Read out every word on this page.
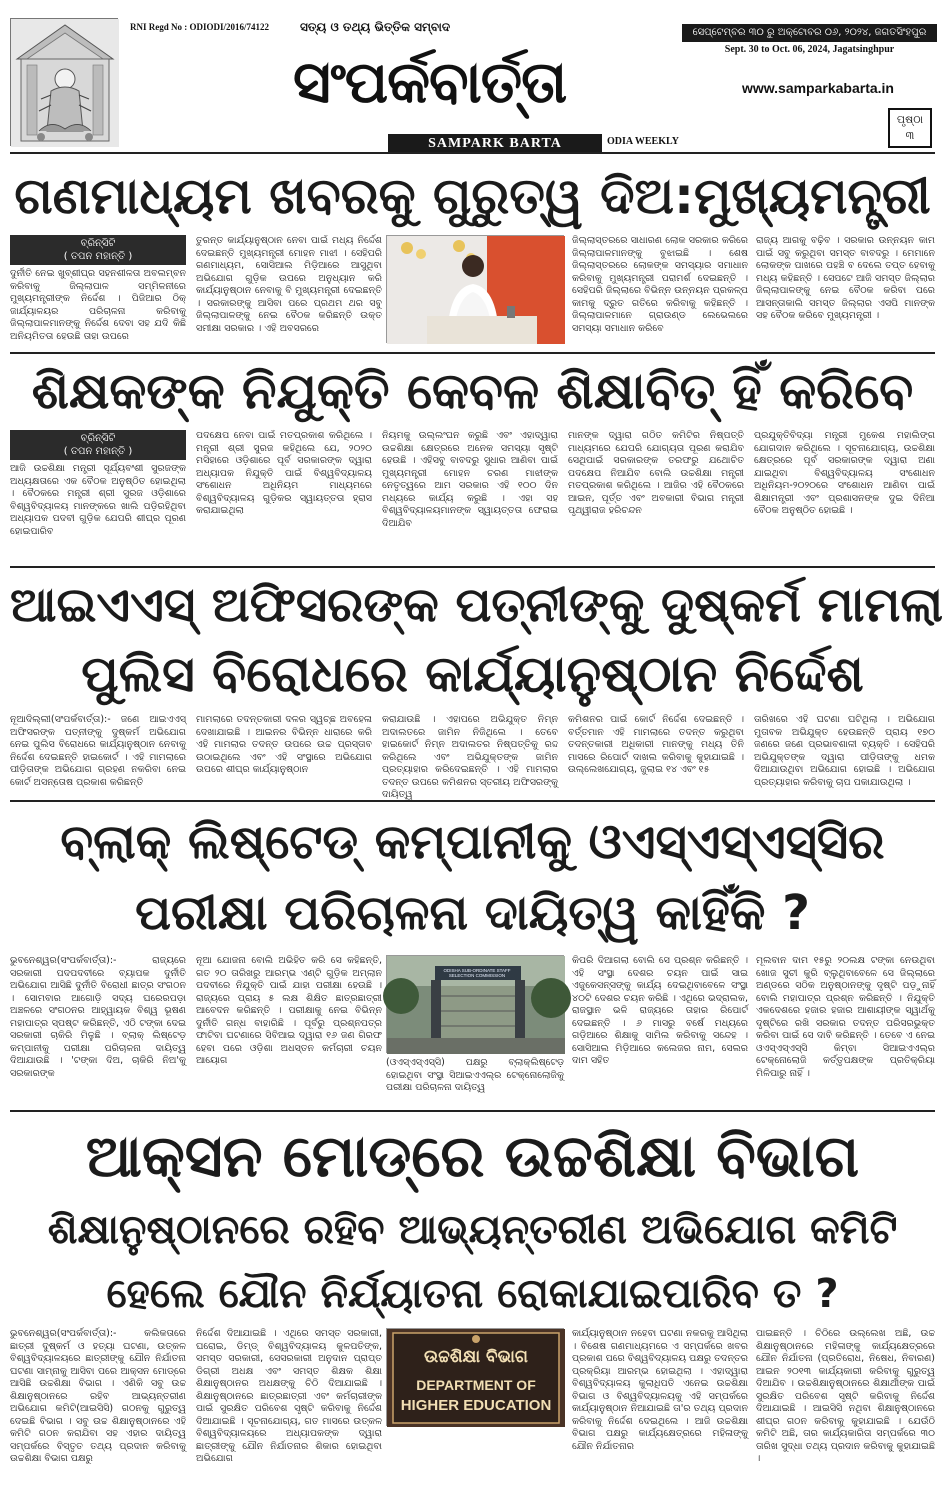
RNI Regd No : ODIODI/2016/74122	ସତ୍ୟ ଓ ତଥ୍ୟ ଭିତ୍ତିକ ସମ୍ବାଦ
ସଂପର୍କବାର୍ତ୍ତା
SAMPARK BARTA	ODIA WEEKLY
ସେପ୍ଟେମ୍ବର ୩୦ ରୁ ଅକ୍ଟୋବର ୦୬, ୨୦୨୪, ଜଗତସିଂହପୁର
Sept. 30 to Oct. 06, 2024, Jagatsinghpur
www.samparkabarta.in
ପୃଷ୍ଠା
୩
ଗଣମାଧ୍ୟମ ଖବରକୁ ଗୁରୁତ୍ୱ ଦିଅ:ମୁଖ୍ୟମନ୍ତ୍ରୀ
ବ୍ରିନ୍‌ସିଟି
( ତପନ ମହାନ୍ତି )
ଦୁର୍ନୀତି ନେଇ ଖୁବ୍‌ଶୀଘ୍ର ସହନଶୀଳତା ଅବଲମ୍ବନ କରିବାକୁ ଜିଲ୍ଲାପାଳ ସମ୍ମିଳନୀରେ ମୁଖ୍ୟମନ୍ତ୍ରୀଙ୍କ ନିର୍ଦ୍ଦେଶ । ପିଜିଆର ଠିକ୍ ଜାର୍ଯ୍ୟାଳୟର ପରିଚାଳନା କରିବାକୁ ଜିଲ୍ଲାପାଳମାନଙ୍କୁ ନିର୍ଦ୍ଦେଶ ଦେବା ସହ ଯଦି କିଛି ଅନିୟମିତତା ହେଉଛି ତାହା ଉପରେ
ତୁରନ୍ତ କାର୍ଯ୍ୟାନୁଷ୍ଠାନ ନେବା ପାଇଁ ମଧ୍ୟ ନିର୍ଦ୍ଦେଶ ଦେଇଛନ୍ତି ମୁଖ୍ୟମନ୍ତ୍ରୀ ମୋହନ ମାଝୀ । ସେହିପରି ଗଣମାଧ୍ୟମ, ସୋସିଆଲ ମିଡ଼ିଆରେ ଆସୁଥିବା ଅଭିଯୋଗ ଗୁଡ଼ିକ ଉପରେ ଅନୁଧ୍ୟାନ କରି କାର୍ଯ୍ୟାନୁଷ୍ଠାନ ନେବାକୁ ବି ମୁଖ୍ୟମନ୍ତ୍ରୀ ଦେଇଛନ୍ତି । ସରକାରଙ୍କୁ ଆସିବା ପରେ ପ୍ରଥମ ଥର ସବୁ ଜିଲ୍ଲାପାଳଙ୍କୁ ନେଇ ବୈଠକ କରିଛନ୍ତି ଉକ୍ତ ସମୀକ୍ଷା ସରକାର । ଏହି ଅବସରରେ
ଜିଲ୍ଲାସ୍ତରରେ ସାଧାରଣ ଲୋକ ସରକାର କରିରେ ଜିଲ୍ଲାପାଳମାନଙ୍କୁ ବୁଝାଇଛି । ଶେଷ ଜିଲ୍ଲାସ୍ତରରେ ଲୋକଙ୍କ ସମସ୍ୟାର ସମାଧାନ କରିବାକୁ ମୁଖ୍ୟମନ୍ତ୍ରୀ ପରାମର୍ଶ ଦେଇଛନ୍ତି । ସେହିପରି ଜିଲ୍ଲାରେ ବିଭିନ୍ନ ଉନ୍ନୟନ ପ୍ରକଳ୍ପ କାମକୁ ଦ୍ରୁତ ଗତିରେ କରିବାକୁ କହିଛନ୍ତି । ଜିଲ୍ଲାପାଳମାନେ ଗ୍ରାଉଣ୍ଡ ଲେଭେଲରେ ସମସ୍ୟା ସମାଧାନ କରିବେ
ରାଜ୍ୟ ଆଗକୁ ବଢ଼ିବ । ସରକାର ଉନ୍ନୟନ କାମ ପାଇଁ ସବୁ କରୁଥିବା ସମସ୍ତ ବାବଦରୁ । ମେମାନେ ଲୋକଙ୍କ ପାଖରେ ପହଞ୍ଚି ବ ଦେଲେ ତପ୍ତ ହେବାକୁ ମଧ୍ୟ କହିଛନ୍ତି । ସେପଟେ ଆଜି ସମସ୍ତ ଜିଲ୍ଲାର ଜିଲ୍ଲାପାଳଙ୍କୁ ନେଇ ବୈଠକ କରିବା ପରେ ଆସନ୍ତାକାଲି ସମସ୍ତ ଜିଲ୍ଲାର ଏସପି ମାନଙ୍କ ସହ ବୈଠକ କରିବେ ମୁଖ୍ୟମନ୍ତ୍ରୀ ।
ଶିକ୍ଷକଙ୍କ ନିଯୁକ୍ତି କେବଳ ଶିକ୍ଷାବିତ୍ ହିଁ କରିବେ
ବ୍ରିନ୍‌ସିଟି
( ତପନ ମହାନ୍ତି )
ଆଜି ଉଚ୍ଚଶିକ୍ଷା ମନ୍ତ୍ରୀ ସୂର୍ଯ୍ୟବଂଶୀ ସୁରଜଙ୍କ ଅଧ୍ୟକ୍ଷତାରେ ଏକ ବୈଠକ ଅନୁଷ୍ଠିତ ହୋଇଥିଲା । ବୈଠକରେ ମନ୍ତ୍ରୀ ଶ୍ରୀ ସୁରଜ ଓଡ଼ିଶାରେ ବିଶ୍ୱବିଦ୍ୟାଳୟ ମାନଙ୍କରେ ଖାଲି ପଡ଼ିରହିଥିବା ଅଧ୍ୟାପକ ପଦବୀ ଗୁଡ଼ିକ ଯେପରି ଶୀଘ୍ର ପୂରଣ ହୋଇପାରିବ
ପଦକ୍ଷେପ ନେବା ପାଇଁ ମତପ୍ରକାଶ କରିଥିଲେ । ମନ୍ତ୍ରୀ ଶ୍ରୀ ସୁରଜ କହିଥିଲେ ଯେ, ୨୦୨୦ ମସିହାରେ ଓଡ଼ିଶାରେ ପୂର୍ବ ସରକାରଙ୍କ ଦ୍ୱାରା ଅଧ୍ୟାପକ ନିଯୁକ୍ତି ପାଇଁ ବିଶ୍ୱବିଦ୍ୟାଳୟ ସଂଶୋଧନ ଅଧିନିୟମ ମାଧ୍ୟମରେ ବିଶ୍ୱବିଦ୍ୟାଳୟ ଗୁଡ଼ିକର ସ୍ୱାୟତ୍ତତା ହ୍ରାସ କରାଯାଇଥିଲା
ନିୟମକୁ ଉଲ୍ଲଂଘନ କରୁଛି ଏବଂ ଏହାଦ୍ୱାରା ଉଚ୍ଚଶିକ୍ଷା କ୍ଷେତ୍ରରେ ଅନେକ ସମସ୍ୟା ସୃଷ୍ଟି ହେଉଛି । ଏହିସବୁ ବାବଦରୁ ସୁଧାର ଆଣିବା ପାଇଁ ମୁଖ୍ୟମନ୍ତ୍ରୀ ମୋହନ ଚରଣ ମାଝୀଙ୍କ ନେତୃତ୍ୱରେ ଆମ ସରକାର ଏହି ୧୦୦ ଦିନ ମଧ୍ୟରେ କାର୍ଯ୍ୟ କରୁଛି । ଏହା ସହ ବିଶ୍ୱବିଦ୍ୟାଳୟମାନଙ୍କ ସ୍ୱାୟତ୍ତତା ଫେରାଇ ଦିଆଯିବ
ମାନଙ୍କ ଦ୍ୱାରା ଗଠିତ କମିଟିର ନିଷ୍ପତ୍ତି ମାଧ୍ୟମରେ ଯେପରି ଯୋଗ୍ୟତା ପୂରଣ କରାଯିବ ସେଥିପାଇଁ ସରକାରଙ୍କ ତରଫରୁ ଯଥୋଚିତ ପଦକ୍ଷେପ ନିଆଯିବ ବୋଲି ଉଚ୍ଚଶିକ୍ଷା ମନ୍ତ୍ରୀ ମତପ୍ରକାଶ କରିଥିଲେ । ଆଜିର ଏହି ବୈଠକରେ ଆଇନ, ପୂର୍ତ୍ତ ଏବଂ ଅବକାରୀ ବିଭାଗ ମନ୍ତ୍ରୀ ପୃଥ୍ୱୀରାଜ ହରିଚନ୍ଦନ
ପ୍ରଯୁକ୍ତିବିଦ୍ୟା ମନ୍ତ୍ରୀ ମୁକେଶ ମହାଲିଙ୍ଗ ଯୋଗଦାନ କରିଥିଲେ । ସୂଚନାଯୋଗ୍ୟ, ଉଚ୍ଚଶିକ୍ଷା କ୍ଷେତ୍ରରେ ପୂର୍ବ ସରକାରଙ୍କ ଦ୍ୱାରା ଅଣା ଯାଇଥିବା ବିଶ୍ୱବିଦ୍ୟାଳୟ ସଂଶୋଧନ ଅଧିନିୟମ-୨୦୨୦ରେ ସଂଶୋଧନ ଆଣିବା ପାଇଁ ଶିକ୍ଷାମନ୍ତ୍ରୀ ଏବଂ ପ୍ରଶାସନଙ୍କ ଦୁଇ ଦିନିଆ ବୈଠକ ଅନୁଷ୍ଠିତ ହୋଇଛି ।
ଆଇଏଏସ୍ ଅଫିସରଙ୍କ ପତ୍ନୀଙ୍କୁ ଦୁଷ୍କର୍ମ ମାମଲା
ପୁଲିସ ବିରୋଧରେ କାର୍ଯ୍ୟାନୁଷ୍ଠାନ ନିର୍ଦ୍ଦେଶ
ନୂଆଦିଲ୍ଲୀ(ସଂପର୍କବାର୍ତ୍ତା):- ଜଣେ ଆଇଏଏସ୍ ଅଫିସରଙ୍କ ପତ୍ନୀଙ୍କୁ ଦୁଷ୍କର୍ମ ଅଭିଯୋଗ ନେଇ ପୁଲିସ ବିରୋଧରେ କାର୍ଯ୍ୟାନୁଷ୍ଠାନ ନେବାକୁ ନିର୍ଦ୍ଦେଶ ଦେଇଛନ୍ତି ହାଇକୋର୍ଟ । ଏହି ମାମଲାରେ ପୀଡ଼ିତାଙ୍କ ଅଭିଯୋଗ ଗ୍ରହଣ ନକରିବା ନେଇ କୋର୍ଟ ଅସନ୍ତୋଷ ପ୍ରକାଶ କରିଛନ୍ତି
ମାମଲାରେ ତଦନ୍ତକାରୀ ଦଳର ସ୍ୱଚ୍ଛ ଅବହେଳା ଦେଖାଯାଇଛି । ଆଇନର ବିଭିନ୍ନ ଧାରାରେ କରି ଏହି ମାମଲାର ତଦନ୍ତ ଉପରେ ଉଚ୍ଚ ପ୍ରସ୍ତାବ ଉଠାଇଥିଲେ ଏବଂ ଏହି ସଂସ୍ଥାରେ ଅଭିଯୋଗ ଉପରେ ଶୀଘ୍ର କାର୍ଯ୍ୟାନୁଷ୍ଠାନ
କରାଯାଉଛି । ଏହାପରେ ଅଭିଯୁକ୍ତ ନିମ୍ନ ଅଦାଲତରେ ଜାମିନ ନିଜିଥିଲେ । ତେବେ ହାଇକୋର୍ଟ ନିମ୍ନ ଅଦାଲତର ନିଷ୍ପତ୍ତିକୁ ରଦ୍ଦ କରିଥିଲେ ଏବଂ ଅଭିଯୁକ୍ତଙ୍କ ଜାମିନ ପ୍ରତ୍ୟାହାର କରିଦେଇଛନ୍ତି । ଏହି ମାମଲାର ତଦନ୍ତ ଉପରେ କମିଶନର ସ୍ତରୀୟ ଅଫିସରଙ୍କୁ ଦାୟିତ୍ୱ
କମିଶନର ପାଇଁ କୋର୍ଟ ନିର୍ଦ୍ଦେଶ ଦେଇଛନ୍ତି । ବର୍ତ୍ତମାନ ଏହି ମାମଲାରେ ତଦନ୍ତ କରୁଥିବା ତଦନ୍ତକାରୀ ଅଧିକାରୀ ମାନଙ୍କୁ ମଧ୍ୟ ତିନି ମାସରେ ରିପୋର୍ଟ ଦାଖଲ କରିବାକୁ କୁହାଯାଇଛି । ଉଲ୍ଲେଖଯୋଗ୍ୟ, ଜୁଲାଇ ୧୪ ଏବଂ ୧୫
ତାରିଖରେ ଏହି ଘଟଣା ଘଟିଥିଲା । ଅଭିଯୋଗ ମୁତାବକ ଅଭିଯୁକ୍ତ ହେଉଛନ୍ତି ପ୍ରାୟ ୧୭୦ ଜଣରେ ଜଣେ ପ୍ରଭାବଶାଳୀ ବ୍ୟକ୍ତି । ସେହିପରି ଅଭିଯୁକ୍ତଙ୍କ ଦ୍ୱାରା ପୀଡ଼ିତାଙ୍କୁ ଧମକ ଦିଆଯାଉଥିବା ଅଭିଯୋଗ ହୋଇଛି । ଅଭିଯୋଗ ପ୍ରତ୍ୟାହାର କରିବାକୁ ଚାପ ପକାଯାଉଥିଲା ।
ବ୍ଲାକ୍ ଲିଷ୍ଟେଡ୍ କମ୍ପାନୀକୁ ଓଏସ୍‌ଏସ୍‌ଏସ୍‌ସିର
ପରୀକ୍ଷା ପରିଚାଳନା ଦାୟିତ୍ୱ କାହିଁକି ?
ଭୁବନେଶ୍ୱର(ସଂପର୍କବାର୍ତ୍ତା):- ରାଜ୍ୟରେ ସରକାରୀ ପଦପଦବୀରେ ବ୍ୟାପକ ଦୁର୍ନୀତି ଅଭିଯୋଗ ଆସିଛି ଦୁର୍ନୀତି ବିରୋଧୀ ଛାତ୍ର ସଂଗଠନ । ସୋମବାର ଆଗୋଡ଼ି ସଦ୍ୟ ଘରେରପଡ଼ା ଅଞ୍ଚଳରେ ସଂଗଠନର ଆହ୍ୱାୟକ ବିଶ୍ୱ ଭୂଷଣ ମହାପାତ୍ର ସ୍ପଷ୍ଟ କରିଛନ୍ତି, ଏଠି ଟଙ୍କା ଦେଇ ସରକାରୀ ଚାକିରି ମିଳୁଛି । ବ୍ଲାକ୍ ଲିଷ୍ଟେଡ଼ କମ୍ପାନୀକୁ ପରୀକ୍ଷା ପରିଚାଳନା ଦାୟିତ୍ୱ ଦିଆଯାଉଛି । 'ଟଙ୍କା ଦିଅ, ଚାକିରି ନିଅ'କୁ ସରକାରଙ୍କ
ନୂଆ ଯୋଜନା ବୋଲି ଅଭିହିତ କରି ସେ କହିଛନ୍ତି, ଗତ ୨୦ ତାରିଖରୁ ଆରମ୍ଭ ଏଣ୍ଟି ଗୁଡ଼ିକ ଅମ୍ଲାନ ପଦବୀରେ ନିଯୁକ୍ତି ପାଇଁ ଯାହା ପରୀକ୍ଷା ହେଉଛି । ରାଜ୍ୟରେ ପ୍ରାୟ ୫ ଲକ୍ଷ ଶିକ୍ଷିତ ଛାତ୍ରଛାତ୍ରୀ ଆବେଦନ କରିଛନ୍ତି । ପରୀକ୍ଷାକୁ ନେଇ ବିଭିନ୍ନ ଦୁର୍ନୀତି ଗନ୍ଧ ବାହାରିଛି । ପୂର୍ବରୁ ପ୍ରଶ୍ନପତ୍ର ଫାଟିବା ଘଟଣାରେ ସିବିଆଇ ଦ୍ୱାରା ୧୬ ଜଣ ଗିରଫ ହେବା ପରେ ଓଡ଼ିଶା ଅଧସ୍ତନ କର୍ମଚାରୀ ଚୟନ ଆୟୋଗ
ODISHA SUB-ORDINATE STAFF SELECTION COMMISSION
(ଓଏସ୍‌ଏସ୍‌ଏସ୍‌ସି) ପକ୍ଷରୁ ବ୍ଲାକ୍‌ଲିଷ୍ଟେଡ଼ ହୋଇଥିବା ସଂସ୍ଥା ସିଆଇଏଏଲ୍‌ର ଟେକ୍ନୋଲୋଜିକୁ ପରୀକ୍ଷା ପରିଚାଳନା ଦାୟିତ୍ୱ
କିପରି ଦିଆଗଲା ବୋଲି ସେ ପ୍ରଶ୍ନ କରିଛନ୍ତି । ଏହି ସଂସ୍ଥା ଦେଶର ଚୟନ ପାଇଁ ସାଇ ଏଜୁକେସନ୍‌ସଙ୍କୁ କାର୍ଯ୍ୟ ଦେଇଥିବାବେଳେ ସଂସ୍ଥା ୪୦ଟି ଦେଶର ଚୟନ କରିଛି । ଏଥିରେ ଭଦ୍ରାଲକ, ରାଜସ୍ଥାନ ଭଳି ରାଜ୍ୟରେ ତାହାର ରିପୋର୍ଟ ଦେଇଛନ୍ତି । ୬ ମାସରୁ ବର୍ଷେ ମଧ୍ୟରେ ଗଡ଼ିଆରେ ଶିକ୍ଷାକୁ ସାମିଲ କରିବାକୁ ସନ୍ଦେହ । ସୋସିଆଲ ମିଡ଼ିଆରେ କଲେଜର ନାମ, ସେଲର ଦାମ ସହିତ
ମୂଲବାନ ଦାମ ୧୫ରୁ ୨୦ଲକ୍ଷ ଟଙ୍କା ନେଉଥିବା ଖୋଜ ସୁଚୀ କୁରି ବ୍ଲୁଥିବାବେଳେ ସେ ଜିଲ୍ଲାରେ ଅଣ୍ଡରେ ସଠିକ ଅନୁଷ୍ଠାନଙ୍କୁ ଦୃଷ୍ଟି ପଡ଼ୁନାହିଁ ବୋଲି ମହାପାତ୍ର ପ୍ରଶ୍ନ କରିଛନ୍ତି । ନିଯୁକ୍ତି ଏକଦେଶରେ ହଜାର ହଜାର ଆଶାୟୀଙ୍କ ସ୍ୱାର୍ଥକୁ ଦୃଷ୍ଟିରେ ରଖି ସରକାର ତଦନ୍ତ ପରିସରଭୁକ୍ତ କରିବା ପାଇଁ ସେ ଦାବି କରିଛନ୍ତି । ତେବେ ଏ ନେଇ ଓଏସ୍‌ଏସ୍‌ଏସ୍‌ସି କିମ୍ବା ସିଆଇଏଏଲ୍‌ର ଟେକ୍ନୋଲୋଜି କର୍ତ୍ତୃପକ୍ଷଙ୍କ ପ୍ରତିକ୍ରିୟା ମିଳିପାରୁ ନାହିଁ ।
ଆକ୍ସନ ମୋଡ୍‌ରେ ଉଚ୍ଚଶିକ୍ଷା ବିଭାଗ
ଶିକ୍ଷାନୁଷ୍ଠାନରେ ରହିବ ଆଭ୍ୟନ୍ତରୀଣ ଅଭିଯୋଗ କମିଟି
ହେଲେ ଯୌନ ନିର୍ଯ୍ୟାତନା ରୋକାଯାଇପାରିବ ତ ?
ଭୁବନେଶ୍ୱର(ସଂପର୍କବାର୍ତ୍ତା):- କଲିକତାରେ ଛାତ୍ରୀ ଦୁଷ୍କର୍ମ ଓ ହତ୍ୟା ଘଟଣା, ଉତ୍କଳ ବିଶ୍ୱବିଦ୍ୟାଳୟରେ ଛାତ୍ରୀଙ୍କୁ ଯୌନ ନିର୍ଯାତନା ଘଟଣା ସାମ୍ନାକୁ ଆସିବା ପରେ ଆକ୍ସନ ମୋଡ୍‌ରେ ଆସିଛି ଉଚ୍ଚଶିକ୍ଷା ବିଭାଗ । ଏଣିକି ସବୁ ଉଚ୍ଚ ଶିକ୍ଷାନୁଷ୍ଠାନରେ ରହିବ ଆଭ୍ୟନ୍ତରୀଣ ଅଭିଯୋଗ କମିଟି(ଆଇସିସି) ଗଠନକୁ ଗୁରୁତ୍ୱ ଦେଇଛି ବିଭାଗ । ସବୁ ଉଚ୍ଚ ଶିକ୍ଷାନୁଷ୍ଠାନରେ ଏହି କମିଟି ଗଠନ କରାଯିବା ସହ ଏହାର ଦାୟିତ୍ୱ ସମ୍ପର୍କରେ ବିସ୍ତୃତ ତଥ୍ୟ ପ୍ରଦାନ କରିବାକୁ ଉଚ୍ଚଶିକ୍ଷା ବିଭାଗ ପକ୍ଷରୁ
ନିର୍ଦ୍ଦେଶ ଦିଆଯାଇଛି । ଏଥିରେ ସମସ୍ତ ସରକାରୀ, ଘରୋଇ, ଡିମ୍ଡ୍ ବିଶ୍ୱବିଦ୍ୟାଳୟ କୁଳପତିଙ୍କ, ସମସ୍ତ ସରକାରୀ, ସେସରକାରୀ ଅନୁଦାନ ପ୍ରାପ୍ତ ଡିଗ୍ରୀ ଅଧକ୍ଷ ଏବଂ ସମସ୍ତ ଶିକ୍ଷକ ଶିକ୍ଷା ଶିକ୍ଷାନୁଷ୍ଠାନର ଅଧକ୍ଷଙ୍କୁ ଚିଠି ଦିଆଯାଇଛି । ଶିକ୍ଷାନୁଷ୍ଠାନରେ ଛାତ୍ରଛାତ୍ରୀ ଏବଂ କର୍ମଚାରୀଙ୍କ ପାଇଁ ସୁରକ୍ଷିତ ପରିବେଶ ସୃଷ୍ଟି କରିବାକୁ ନିର୍ଦ୍ଦେଶ ଦିଆଯାଇଛି । ସୂଚନାଯୋଗ୍ୟ, ଗତ ମାସରେ ଉତ୍କଳ ବିଶ୍ୱବିଦ୍ୟାଳୟରେ ଅଧ୍ୟାପକଙ୍କ ଦ୍ୱାରା ଛାତ୍ରୀଙ୍କୁ ଯୌନ ନିର୍ଯାତନାର ଶିକାର ହୋଇଥିବା ଅଭିଯୋଗ
ଉଚ୍ଚଶିକ୍ଷା ବିଭାଗ
DEPARTMENT OF
HIGHER EDUCATION
କାର୍ଯ୍ୟାନୁଷ୍ଠାନ ନହେବା ଘଟଣା ନକରକୁ ଆସିଥିଲା । ବିଶେଷ ଗଣମାଧ୍ୟମରେ ଏ ସମ୍ପର୍କରେ ଖବର ପ୍ରକାଶ ପରେ ବିଶ୍ୱବିଦ୍ୟାଳୟ ପକ୍ଷରୁ ତଦନ୍ତର ପ୍ରକ୍ରିୟା ଆରମ୍ଭ ହୋଇଥିଲା । ଏହାଦ୍ୱାରା ବିଶ୍ୱବିଦ୍ୟାଳୟ କୁଲାଧିପତି ଏନେଇ ଉଚ୍ଚଶିକ୍ଷା ବିଭାଗ ଓ ବିଶ୍ୱବିଦ୍ୟାଳୟକୁ ଏହି ସମ୍ପର୍କରେ କାର୍ଯ୍ୟାନୁଷ୍ଠାନ ନିଆଯାଇଛି ତା'ର ତଥ୍ୟ ପ୍ରଦାନ କରିବାକୁ ନିର୍ଦ୍ଦେଶ ଦେଇଥିଲେ । ଆଜି ଉଚ୍ଚଶିକ୍ଷା ବିଭାଗ ପକ୍ଷରୁ କାର୍ଯ୍ୟକ୍ଷେତ୍ରରେ ମହିଳାଙ୍କୁ ଯୌନ ନିର୍ଯାତନାର
ପାଇଛନ୍ତି । ଚିଠିରେ ଉଲ୍ଲେଖ ଅଛି, ଉଚ୍ଚ ଶିକ୍ଷାନୁଷ୍ଠାନରେ ମହିଳାଙ୍କୁ କାର୍ଯ୍ୟକ୍ଷେତ୍ରରେ ଯୌନ ନିର୍ଯାତନା (ପ୍ରତିରୋଧ, ନିଷେଧ, ନିବାରଣ) ଆଇନ ୨୦୧୩ କାର୍ଯ୍ୟକାରୀ କରିବାକୁ ଗୁରୁତ୍ୱ ଦିଆଯିବ । ଉଚ୍ଚଶିକ୍ଷାନୁଷ୍ଠାନରେ ଶିକ୍ଷାର୍ଥୀଙ୍କ ପାଇଁ ସୁରକ୍ଷିତ ପରିବେଶ ସୃଷ୍ଟି କରିବାକୁ ନିର୍ଦ୍ଦେଶ ଦିଆଯାଇଛି । ଆଇସିସି ନଥିବା ଶିକ୍ଷାନୁଷ୍ଠାନରେ ଶୀଘ୍ର ଗଠନ କରିବାକୁ କୁହାଯାଇଛି । ଯେଉଁଠି କମିଟି ଅଛି, ତାର କାର୍ଯ୍ୟକାରିତା ସମ୍ପର୍କରେ ୩୦ ତାରିଖ ସୁଦ୍ଧା ତଥ୍ୟ ପ୍ରଦାନ କରିବାକୁ କୁହାଯାଇଛି ।
